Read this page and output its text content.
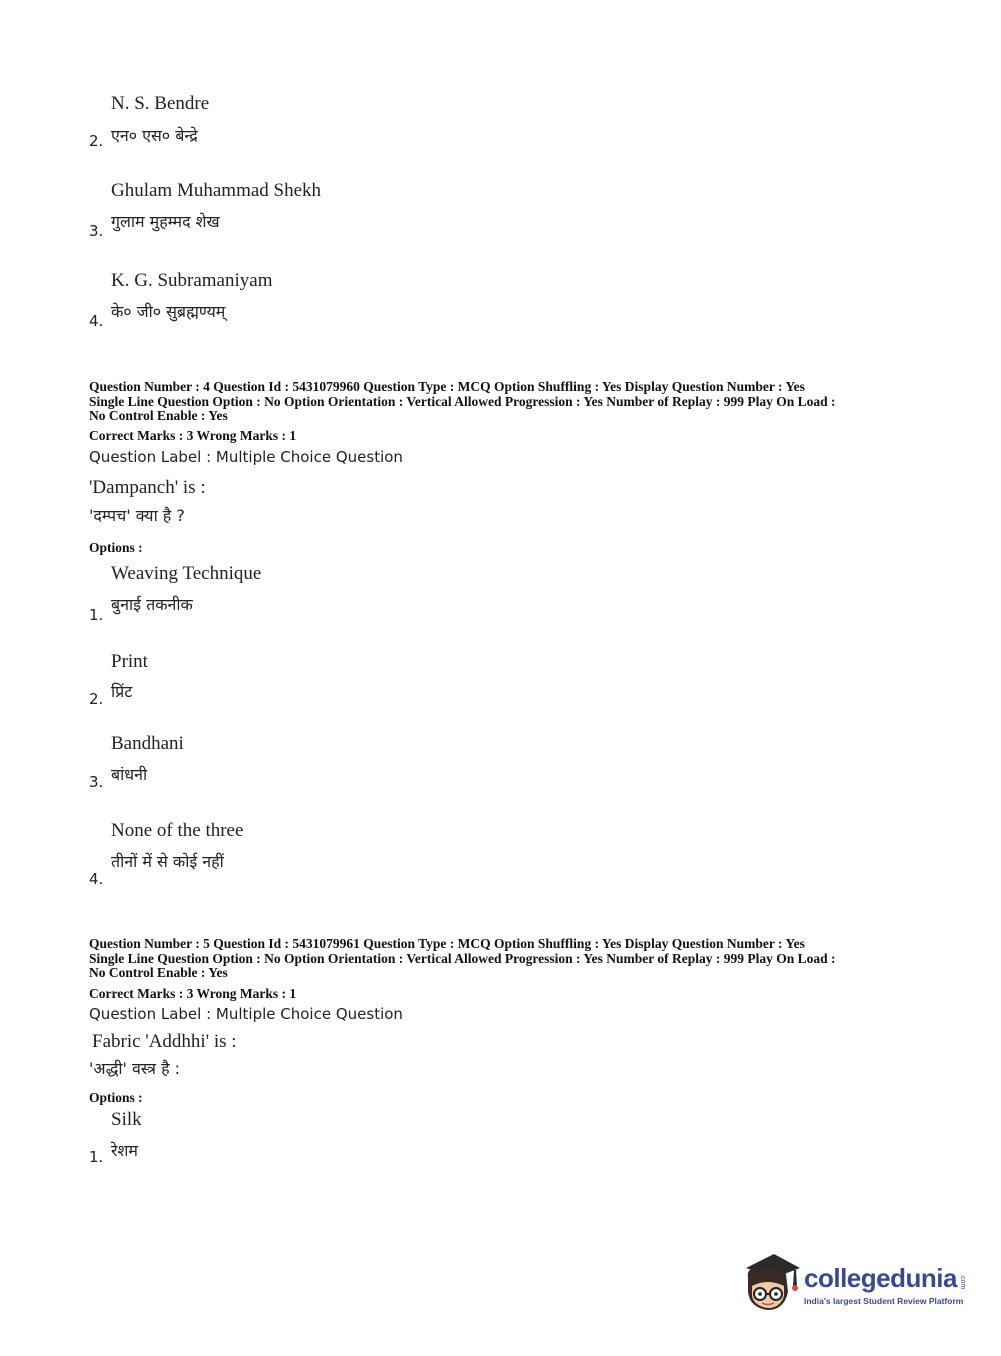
N. S. Bendre
एन० एस० बेन्द्रे
2.
Ghulam Muhammad Shekh
गुलाम मुहम्मद शेख
3.
K. G. Subramaniyam
के० जी० सुब्रह्मण्यम्
4.
Question Number : 4 Question Id : 5431079960 Question Type : MCQ Option Shuffling : Yes Display Question Number : Yes
Single Line Question Option : No Option Orientation : Vertical Allowed Progression : Yes Number of Replay : 999 Play On Load :
No Control Enable : Yes
Correct Marks : 3 Wrong Marks : 1
Question Label : Multiple Choice Question
'Dampanch' is :
'दम्पच' क्या है ?
Options :
Weaving Technique
बुनाई तकनीक
1.
Print
प्रिंट
2.
Bandhani
बांधनी
3.
None of the three
तीनों में से कोई नहीं
4.
Question Number : 5 Question Id : 5431079961 Question Type : MCQ Option Shuffling : Yes Display Question Number : Yes
Single Line Question Option : No Option Orientation : Vertical Allowed Progression : Yes Number of Replay : 999 Play On Load :
No Control Enable : Yes
Correct Marks : 3 Wrong Marks : 1
Question Label : Multiple Choice Question
Fabric 'Addhhi' is :
'अद्धी' वस्त्र है :
Options :
Silk
रेशम
1.
collegedunia .com
India's largest Student Review Platform
